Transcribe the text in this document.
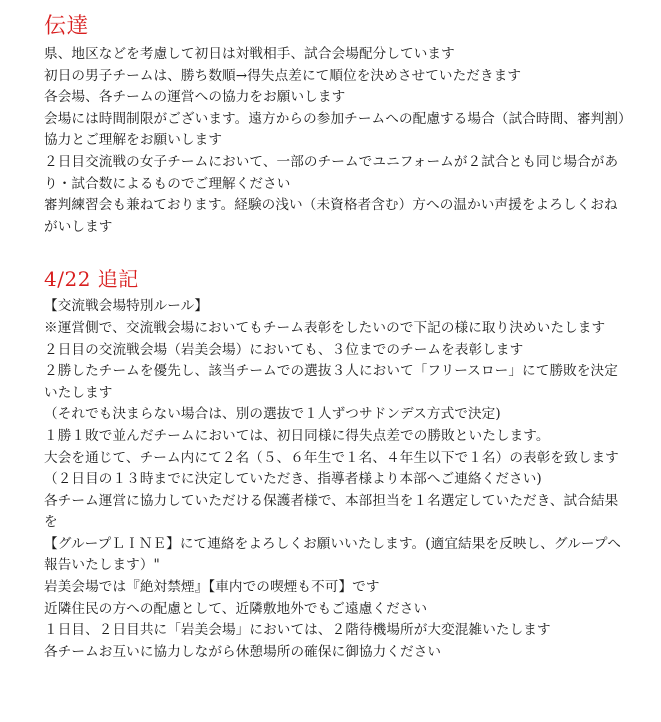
伝達
県、地区などを考慮して初日は対戦相手、試合会場配分しています
初日の男子チームは、勝ち数順→得失点差にて順位を決めさせていただきます
各会場、各チームの運営への協力をお願いします
会場には時間制限がございます。遠方からの参加チームへの配慮する場合（試合時間、審判割）
協力とご理解をお願いします
２日目交流戦の女子チームにおいて、一部のチームでユニフォームが２試合とも同じ場合があ
り・試合数によるものでご理解ください
審判練習会も兼ねております。経験の浅い（未資格者含む）方への温かい声援をよろしくおね
がいします
4/22 追記
【交流戦会場特別ルール】
※運営側で、交流戦会場においてもチーム表彰をしたいので下記の様に取り決めいたします
２日目の交流戦会場（岩美会場）においても、３位までのチームを表彰します
２勝したチームを優先し、該当チームでの選抜３人において「フリースロー」にて勝敗を決定
いたします
（それでも決まらない場合は、別の選抜で１人ずつサドンデス方式で決定)
１勝１敗で並んだチームにおいては、初日同様に得失点差での勝敗といたします。
大会を通じて、チーム内にて２名（５、６年生で１名、４年生以下で１名）の表彰を致します
（２日目の１３時までに決定していただき、指導者様より本部へご連絡ください)
各チーム運営に協力していただける保護者様で、本部担当を１名選定していただき、試合結果
を
【グループＬＩＮＥ】にて連絡をよろしくお願いいたします。(適宜結果を反映し、グループへ
報告いたします）"
岩美会場では『絶対禁煙』【車内での喫煙も不可】です
近隣住民の方への配慮として、近隣敷地外でもご遠慮ください
１日目、２日目共に「岩美会場」においては、２階待機場所が大変混雑いたします
各チームお互いに協力しながら休憩場所の確保に御協力ください
